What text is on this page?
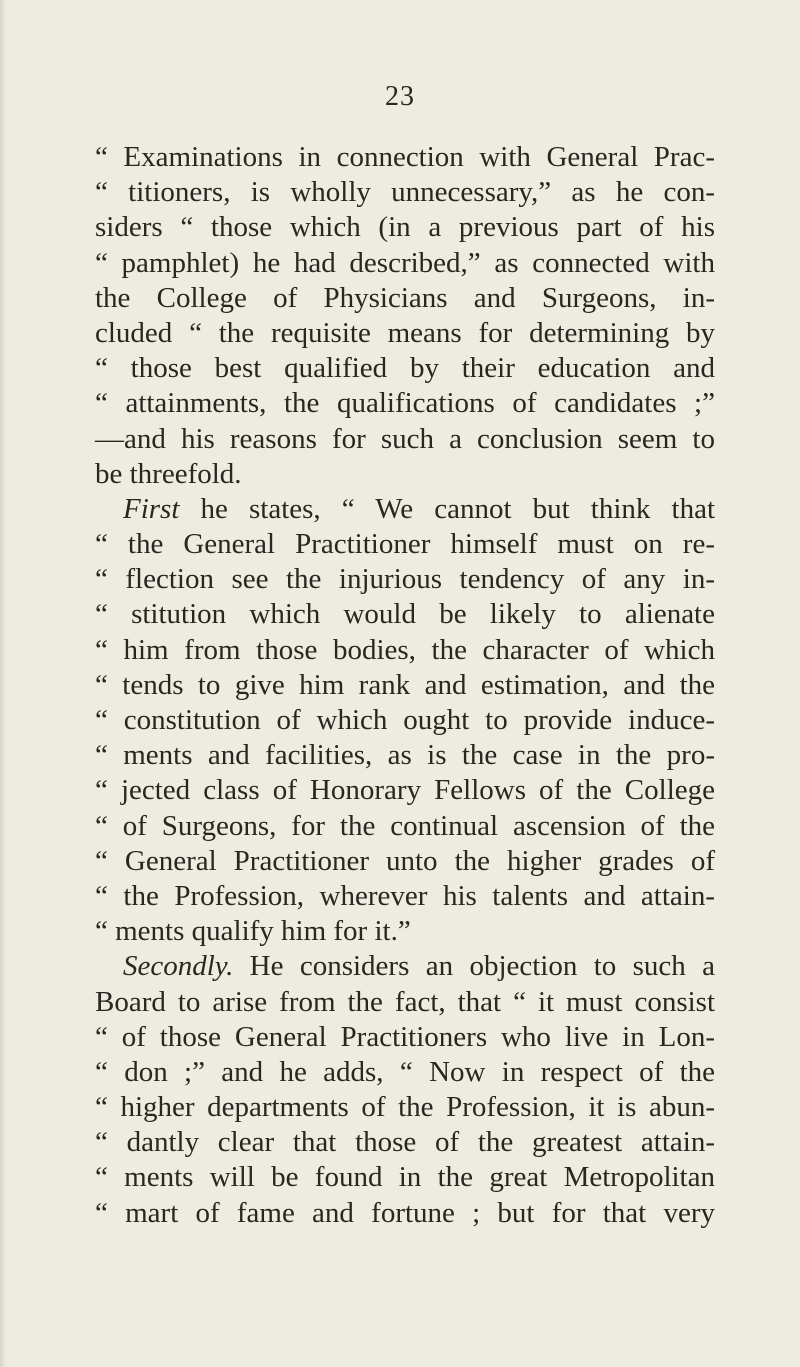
23
“ Examinations in connection with General Prac-
“ titioners, is wholly unnecessary,” as he con-
siders “ those which (in a previous part of his
“ pamphlet) he had described,” as connected with
the College of Physicians and Surgeons, in-
cluded “ the requisite means for determining by
“ those best qualified by their education and
“ attainments, the qualifications of candidates ;”
—and his reasons for such a conclusion seem to
be threefold.
First he states, “ We cannot but think that
“ the General Practitioner himself must on re-
“ flection see the injurious tendency of any in-
“ stitution which would be likely to alienate
“ him from those bodies, the character of which
“ tends to give him rank and estimation, and the
“ constitution of which ought to provide induce-
“ ments and facilities, as is the case in the pro-
“ jected class of Honorary Fellows of the College
“ of Surgeons, for the continual ascension of the
“ General Practitioner unto the higher grades of
“ the Profession, wherever his talents and attain-
“ ments qualify him for it.”
Secondly. He considers an objection to such a
Board to arise from the fact, that “ it must consist
“ of those General Practitioners who live in Lon-
“ don ;” and he adds, “ Now in respect of the
“ higher departments of the Profession, it is abun-
“ dantly clear that those of the greatest attain-
“ ments will be found in the great Metropolitan
“ mart of fame and fortune ; but for that very
